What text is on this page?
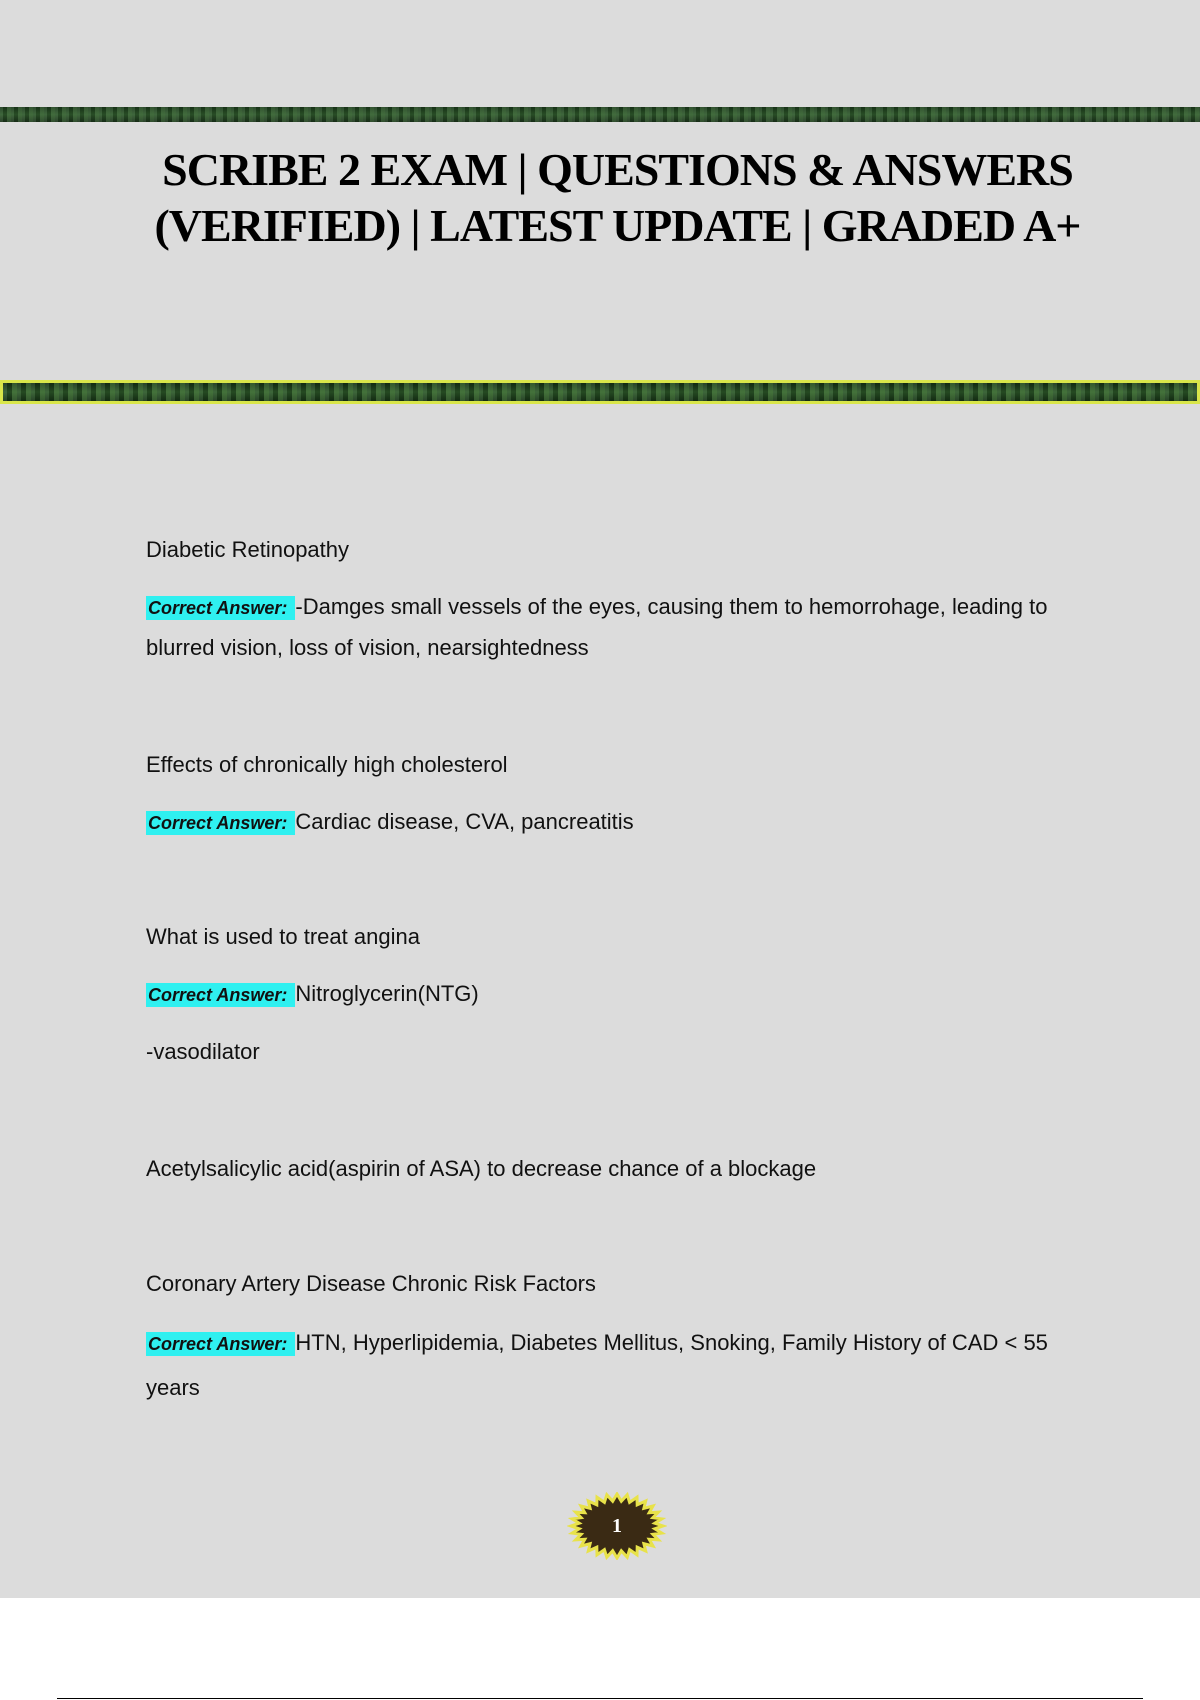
SCRIBE 2 EXAM | QUESTIONS & ANSWERS (VERIFIED) | LATEST UPDATE | GRADED A+

Diabetic Retinopathy

Correct Answer: -Damges small vessels of the eyes, causing them to hemorrohage, leading to blurred vision, loss of vision, nearsightedness

Effects of chronically high cholesterol

Correct Answer: Cardiac disease, CVA, pancreatitis

What is used to treat angina

Correct Answer: Nitroglycerin(NTG)

-vasodilator

Acetylsalicylic acid(aspirin of ASA) to decrease chance of a blockage

Coronary Artery Disease Chronic Risk Factors

Correct Answer: HTN, Hyperlipidemia, Diabetes Mellitus, Snoking, Family History of CAD < 55 years

1
